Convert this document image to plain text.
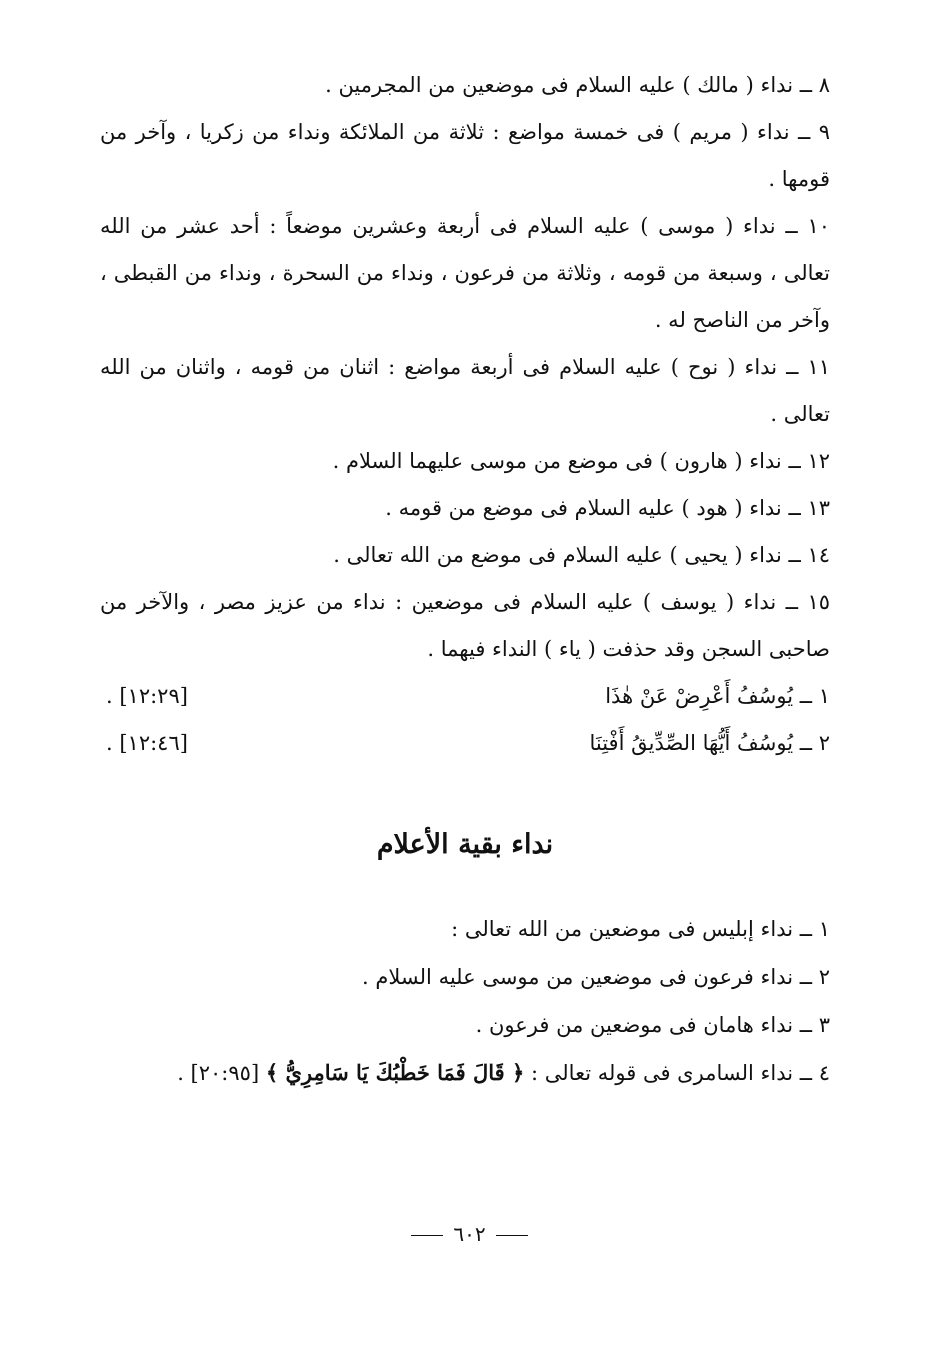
٨ ــ نداء ( مالك ) عليه السلام فى موضعين من المجرمين .

٩ ــ نداء ( مريم ) فى خمسة مواضع : ثلاثة من الملائكة ونداء من زكريا ، وآخر من قومها .

١٠ ــ نداء ( موسى ) عليه السلام فى أربعة وعشرين موضعاً : أحد عشر من الله تعالى ، وسبعة من قومه ، وثلاثة من فرعون ، ونداء من السحرة ، ونداء من القبطى ، وآخر من الناصح له .

١١ ــ نداء ( نوح ) عليه السلام فى أربعة مواضع : اثنان من قومه ، واثنان من الله تعالى .

١٢ ــ نداء ( هارون ) فى موضع من موسى عليهما السلام .

١٣ ــ نداء ( هود ) عليه السلام فى موضع من قومه .

١٤ ــ نداء ( يحيى ) عليه السلام فى موضع من الله تعالى .

١٥ ــ نداء ( يوسف ) عليه السلام فى موضعين : نداء من عزيز مصر ، والآخر من صاحبى السجن وقد حذفت ( ياء ) النداء فيهما .

١ ــ يُوسُفُ أَعْرِضْ عَنْ هٰذَا
[١٢:٢٩] .
٢ ــ يُوسُفُ أَيُّهَا الصِّدِّيقُ أَفْتِنَا
[١٢:٤٦] .
نداء بقية الأعلام

١ ــ نداء إبليس فى موضعين من الله تعالى :

٢ ــ نداء فرعون فى موضعين من موسى عليه السلام .

٣ ــ نداء هامان فى موضعين من فرعون .

٤ ــ نداء السامرى فى قوله تعالى : ﴿ قَالَ فَمَا خَطْبُكَ يَا سَامِرِيُّ ﴾ [٢٠:٩٥] .

٦٠٢
